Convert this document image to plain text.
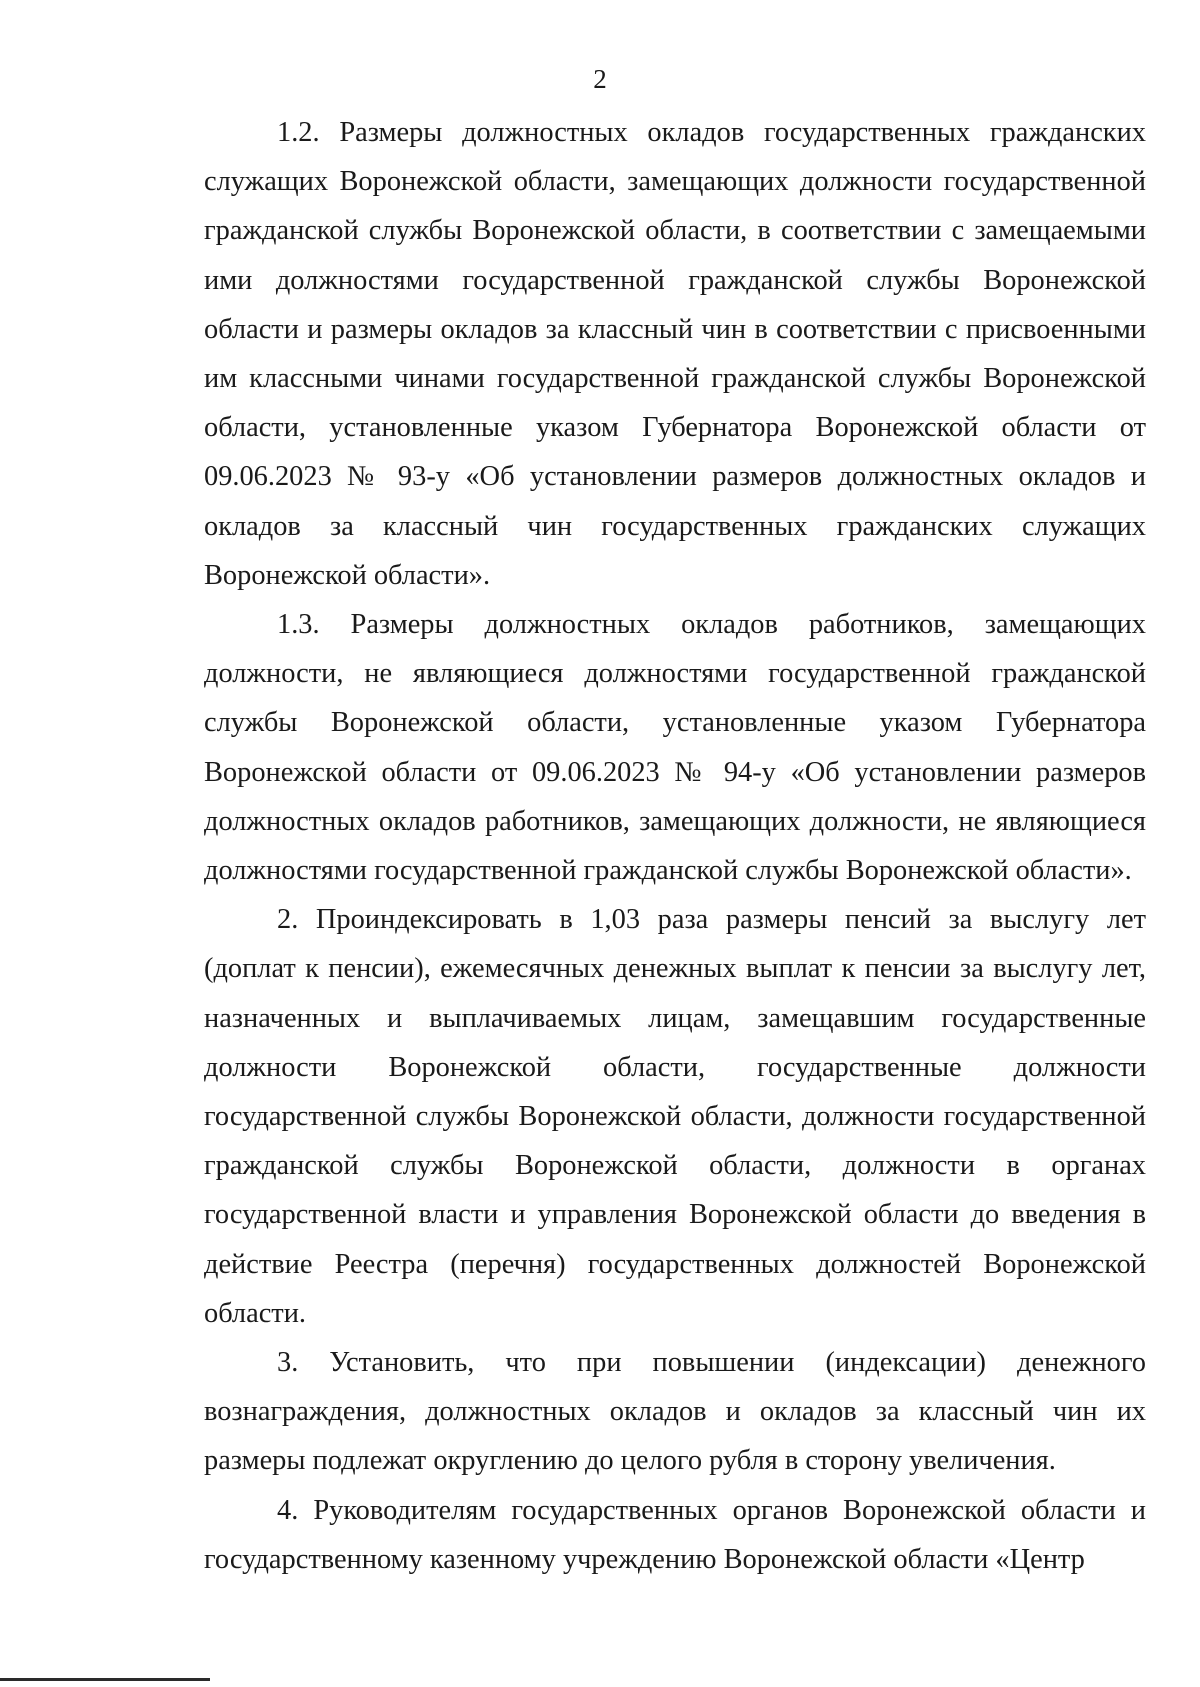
2

1.2. Размеры должностных окладов государственных гражданских служащих Воронежской области, замещающих должности государственной гражданской службы Воронежской области, в соответствии с замещаемыми ими должностями государственной гражданской службы Воронежской области и размеры окладов за классный чин в соответствии с присвоенными им классными чинами государственной гражданской службы Воронежской области, установленные указом Губернатора Воронежской области от 09.06.2023 № 93-у «Об установлении размеров должностных окладов и окладов за классный чин государственных гражданских служащих Воронежской области».

1.3. Размеры должностных окладов работников, замещающих должности, не являющиеся должностями государственной гражданской службы Воронежской области, установленные указом Губернатора Воронежской области от 09.06.2023 № 94-у «Об установлении размеров должностных окладов работников, замещающих должности, не являющиеся должностями государственной гражданской службы Воронежской области».

2. Проиндексировать в 1,03 раза размеры пенсий за выслугу лет (доплат к пенсии), ежемесячных денежных выплат к пенсии за выслугу лет, назначенных и выплачиваемых лицам, замещавшим государственные должности Воронежской области, государственные должности государственной службы Воронежской области, должности государственной гражданской службы Воронежской области, должности в органах государственной власти и управления Воронежской области до введения в действие Реестра (перечня) государственных должностей Воронежской области.

3. Установить, что при повышении (индексации) денежного вознаграждения, должностных окладов и окладов за классный чин их размеры подлежат округлению до целого рубля в сторону увеличения.

4. Руководителям государственных органов Воронежской области и государственному казенному учреждению Воронежской области «Центр
